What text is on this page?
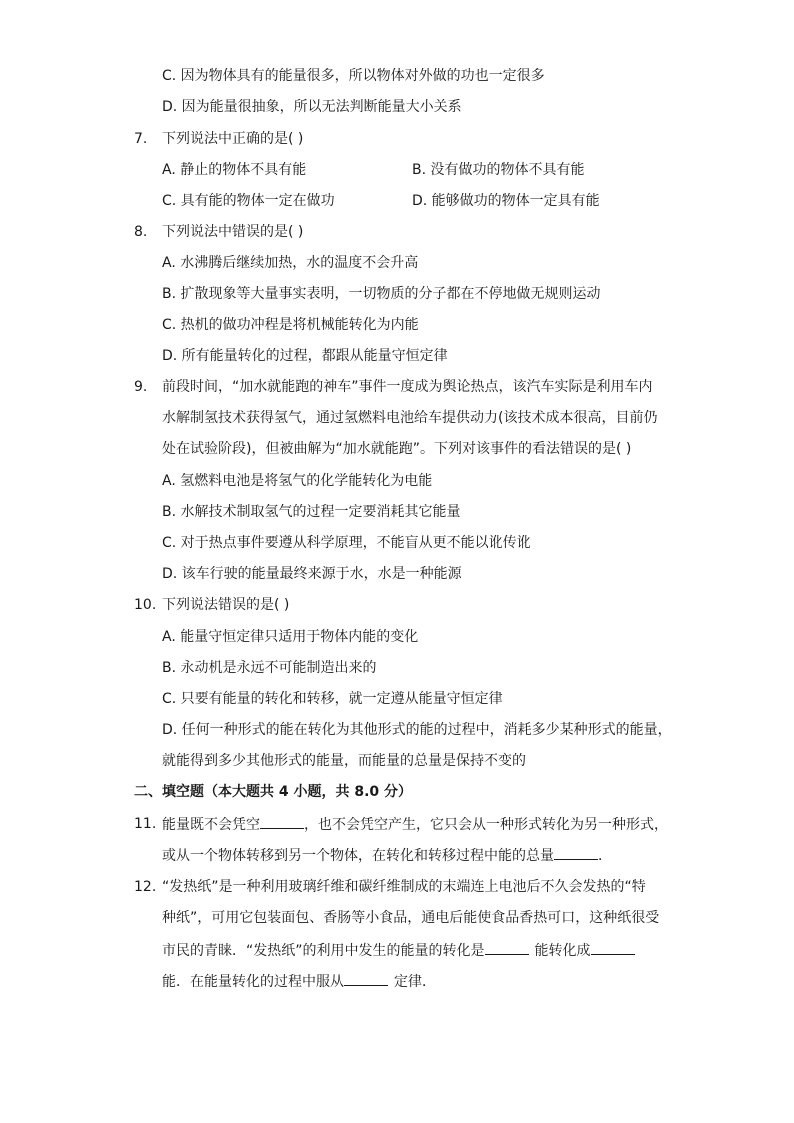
C. 因为物体具有的能量很多，所以物体对外做的功也一定很多
D. 因为能量很抽象，所以无法判断能量大小关系
7. 下列说法中正确的是( )
A. 静止的物体不具有能	B. 没有做功的物体不具有能
C. 具有能的物体一定在做功	D. 能够做功的物体一定具有能
8. 下列说法中错误的是( )
A. 水沸腾后继续加热，水的温度不会升高
B. 扩散现象等大量事实表明，一切物质的分子都在不停地做无规则运动
C. 热机的做功冲程是将机械能转化为内能
D. 所有能量转化的过程，都跟从能量守恒定律
9. 前段时间，“加水就能跑的神车”事件一度成为舆论热点，该汽车实际是利用车内
水解制氢技术获得氢气，通过氢燃料电池给车提供动力(该技术成本很高，目前仍
处在试验阶段)，但被曲解为“加水就能跑”。下列对该事件的看法错误的是( )
A. 氢燃料电池是将氢气的化学能转化为电能
B. 水解技术制取氢气的过程一定要消耗其它能量
C. 对于热点事件要遵从科学原理，不能盲从更不能以讹传讹
D. 该车行驶的能量最终来源于水，水是一种能源
10. 下列说法错误的是( )
A. 能量守恒定律只适用于物体内能的变化
B. 永动机是永远不可能制造出来的
C. 只要有能量的转化和转移，就一定遵从能量守恒定律
D. 任何一种形式的能在转化为其他形式的能的过程中，消耗多少某种形式的能量，
就能得到多少其他形式的能量，而能量的总量是保持不变的
二、填空题（本大题共 4 小题，共 8.0 分）
11. 能量既不会凭空	，也不会凭空产生，它只会从一种形式转化为另一种形式，
或从一个物体转移到另一个物体，在转化和转移过程中能的总量	．
12. “发热纸”是一种利用玻璃纤维和碳纤维制成的末端连上电池后不久会发热的“特
种纸”，可用它包装面包、香肠等小食品，通电后能使食品香热可口，这种纸很受
市民的青睐．“发热纸”的利用中发生的能量的转化是	能转化成
能．在能量转化的过程中服从	定律．
